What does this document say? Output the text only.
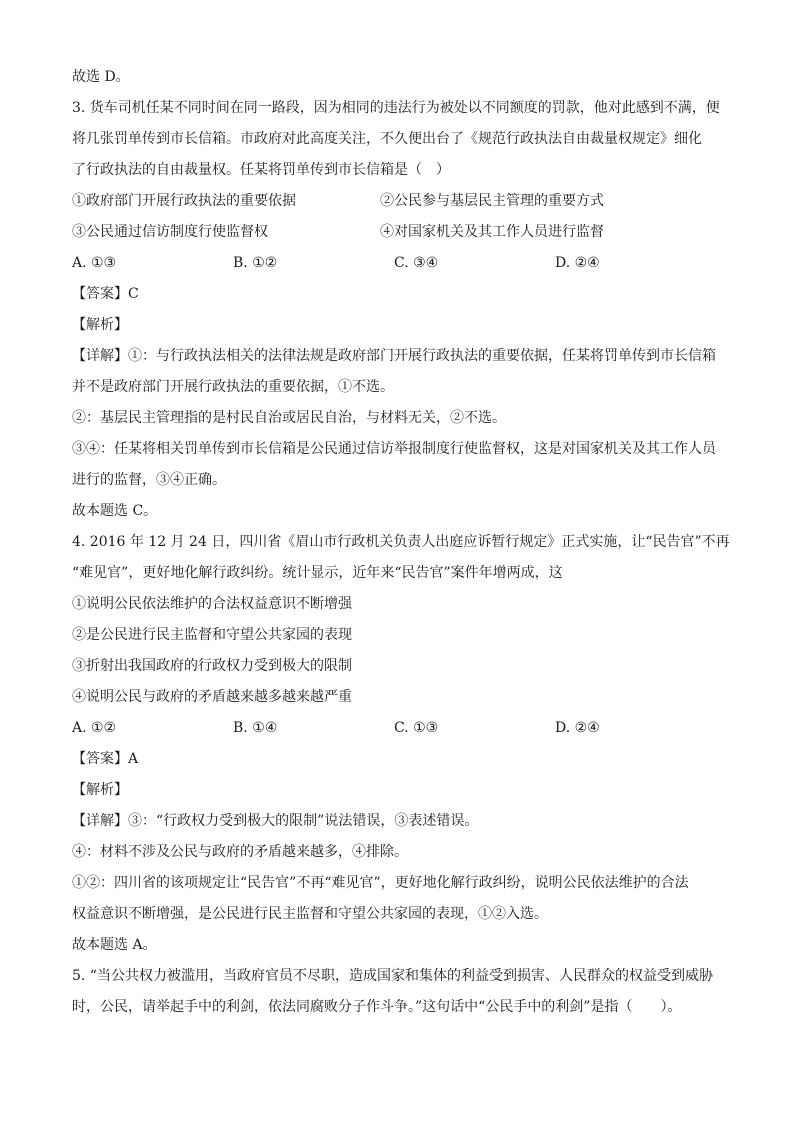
故选 D。
3. 货车司机任某不同时间在同一路段，因为相同的违法行为被处以不同额度的罚款，他对此感到不满，便
将几张罚单传到市长信箱。市政府对此高度关注，不久便出台了《规范行政执法自由裁量权规定》细化
了行政执法的自由裁量权。任某将罚单传到市长信箱是（　）
①政府部门开展行政执法的重要依据	②公民参与基层民主管理的重要方式
③公民通过信访制度行使监督权	④对国家机关及其工作人员进行监督
A. ①③	B. ①②	C. ③④	D. ②④
【答案】C
【解析】
【详解】①：与行政执法相关的法律法规是政府部门开展行政执法的重要依据，任某将罚单传到市长信箱
并不是政府部门开展行政执法的重要依据，①不选。
②：基层民主管理指的是村民自治或居民自治，与材料无关，②不选。
③④：任某将相关罚单传到市长信箱是公民通过信访举报制度行使监督权，这是对国家机关及其工作人员
进行的监督，③④正确。
故本题选 C。
4. 2016 年 12 月 24 日，四川省《眉山市行政机关负责人出庭应诉暂行规定》正式实施，让“民告官”不再
“难见官”，更好地化解行政纠纷。统计显示，近年来“民告官”案件年增两成，这
①说明公民依法维护的合法权益意识不断增强
②是公民进行民主监督和守望公共家园的表现
③折射出我国政府的行政权力受到极大的限制
④说明公民与政府的矛盾越来越多越来越严重
A. ①②	B. ①④	C. ①③	D. ②④
【答案】A
【解析】
【详解】③：“行政权力受到极大的限制”说法错误，③表述错误。
④：材料不涉及公民与政府的矛盾越来越多，④排除。
①②：四川省的该项规定让“民告官”不再“难见官”，更好地化解行政纠纷，说明公民依法维护的合法
权益意识不断增强，是公民进行民主监督和守望公共家园的表现，①②入选。
故本题选 A。
5. “当公共权力被滥用，当政府官员不尽职，造成国家和集体的利益受到损害、人民群众的权益受到威胁
时，公民，请举起手中的利剑，依法同腐败分子作斗争。”这句话中“公民手中的利剑”是指（　　）。
